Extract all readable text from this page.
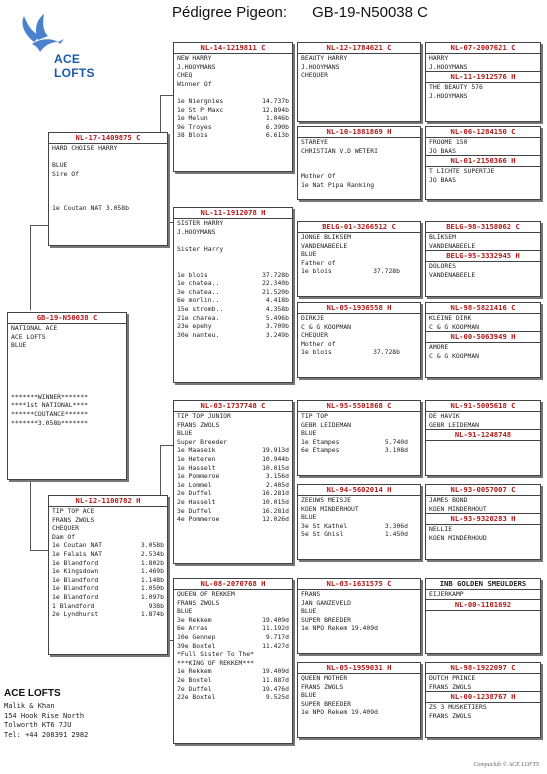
Pédigree Pigeon: GB-19-N50038 C
ACE LOFTS
GB-19-N50038 C
NATIONAL ACE
ACE LOFTS
BLUE
*******WINNER*******
****1st NATIONAL****
******COUTANCE******
*******3.058b*******
NL-17-1409875 C
HARD CHOISE HARRY
BLUE
Sire Of
1e Coutan NAT 3.058b
NL-12-1100782 H
TIP TOP ACE
FRANS ZWOLS
CHEQUER
Dam Of
1e Coutan NAT	3.058b
1e Falais NAT	2.534b
1e Blandford	1.802b
1e Kingsdown	1.469b
1e Blandford	1.148b
1e Blandford	1.050b
1e Blandford	1.097b
1 Blandford	938b
2e Lyndhurst	1.874b
NL-14-1219811 C
NEW HARRY
J.HOOYMANS
CHEQ
Winner Of
1e Niergnies	14.737b
1e St P Maxc	12.894b
1e Melun	1.046b
9e Troyes	6.390b
38 Blois	6.613b
NL-11-1912078 H
SISTER HARRY
J.HOOYMANS
Sister Harry
1e blois	37.728b
1e chatea..	22.340b
3e chatea..	21.520b
6e morlin..	4.418b
15e stromb..	4.358b
21e charea.	5.496b
23e epehy	3.709b
30e nanteu.	3.249b
NL-03-1737748 C
TIP TOP JUNIOR
FRANS ZWOLS
BLUE
Super Breeder
1e Maaseik	19.913d
1e Heteren	10.944b
1e Hasselt	10.015d
1e Pommeroe	3.156d
1e Lommel	2.405d
2e Duffel	16.281d
2e Hasselt	10.015d
3e Duffel	16.281d
4e Pommeroe	12.026d
NL-08-2070768 H
QUEEN OF REKKEM
FRANS ZWOLS
BLUE
3e Rekkem	19.409d
6e Arras	11.192d
10e Gennep	9.717d
39e Boxtel	11.427d
*Full Sister To The*
***KING OF REKKEM***
1e Rekkem	19.409d
2e Boxtel	11.887d
7e Duffel	19.476d
22e Boxtel	9.525d
NL-12-1784621 C
BEAUTY HARRY
J.HOOYMANS
CHEQUER
NL-10-1881869 H
STAREYE
CHRISTIAN V.D WETERI
Mother Of
1e Nat Pipa Ranking
BELG-01-3266512 C
JONGE BLIKSEM
VANDENABEELE
BLUE
Father of
1e blois	37.728b
NL-05-1936558 H
DIRKJE
C & G KOOPMAN
CHEQUER
Mother of
1e blois	37.728b
NL-95-5501868 C
TIP TOP
GEBR LEIDEMAN
BLUE
1e Etampes	5.740d
6e Etampes	3.108d
NL-94-5602014 H
ZEEUWS MEISJE
KOEN MINDERHOUT
BLUE
3e St Kathel	3.306d
5e St Ghisl	1.450d
NL-03-1631575 C
FRANS
JAN GANZEVELD
BLUE
SUPER BREEDER
1e NPO Rekem 19.409d
NL-05-1959031 H
QUEEN MOTHER
FRANS ZWOLS
BLUE
SUPER BREEDER
1e NPO Rekem 19.409d
NL-07-2007621 C
HARRY
J.HOOYMANS
NL-11-1912576 H
THE BEAUTY 576
J.HOOYMANS
NL-06-1284150 C
FROOME 150
JO BAAS
NL-01-2150366 H
T LICHTE SUPERTJE
JO BAAS
BELG-98-3158062 C
BLIKSEM
VANDENABEELE
BELG-95-3332945 H
DOLORES
VANDENABEELE
NL-98-5821416 C
KLEINE DIRK
C & G KOOPMAN
NL-00-5063949 H
AMORE
C & G KOOPMAN
NL-91-5005618 C
DE HAVIK
GEBR LEIDEMAN
NL-91-1248748
NL-93-0057007 C
JAMES BOND
KOEN MINDERHOUT
NL-93-9320283 H
NELLIE
KOEN MINDERHOUD
INB GOLDEN SMEULDERS
EIJERKAMP
NL-00-1101692
NL-98-1922097 C
DUTCH PRINCE
FRANS ZWOLS
NL-00-1238767 H
ZS 3 MUSKETIERS
FRANS ZWOLS
ACE LOFTS
Malik & Khan
154 Hook Rise North
Tolworth KT6 7JU
Tel: +44 208391 2982
Compuclub © ACE LOFTS
